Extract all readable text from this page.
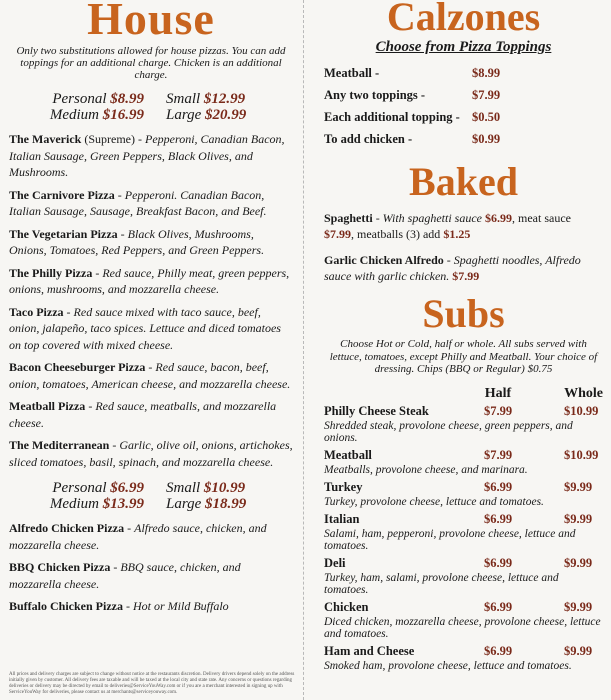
House
Only two substitutions allowed for house pizzas. You can add toppings for an additional charge. Chicken is an additional charge.
Personal $8.99 Small $12.99
Medium $16.99 Large $20.99
The Maverick (Supreme) - Pepperoni, Canadian Bacon, Italian Sausage, Green Peppers, Black Olives, and Mushrooms.
The Carnivore Pizza - Pepperoni. Canadian Bacon, Italian Sausage, Sausage, Breakfast Bacon, and Beef.
The Vegetarian Pizza - Black Olives, Mushrooms, Onions, Tomatoes, Red Peppers, and Green Peppers.
The Philly Pizza - Red sauce, Philly meat, green peppers, onions, mushrooms, and mozzarella cheese.
Taco Pizza - Red sauce mixed with taco sauce, beef, onion, jalapeño, taco spices. Lettuce and diced tomatoes on top covered with mixed cheese.
Bacon Cheeseburger Pizza - Red sauce, bacon, beef, onion, tomatoes, American cheese, and mozzarella cheese.
Meatball Pizza - Red sauce, meatballs, and mozzarella cheese.
The Mediterranean - Garlic, olive oil, onions, artichokes, sliced tomatoes, basil, spinach, and mozzarella cheese.
Personal $6.99 Small $10.99
Medium $13.99 Large $18.99
Alfredo Chicken Pizza - Alfredo sauce, chicken, and mozzarella cheese.
BBQ Chicken Pizza - BBQ sauce, chicken, and mozzarella cheese.
Buffalo Chicken Pizza - Hot or Mild Buffalo
All prices and delivery charges are subject to change without notice at the restaurants discretion. Delivery drivers depend solely on the address initially given by customer. All delivery fees are taxable and will be taxed at the local city and state rate. Any concerns or questions regarding deliveries or delivery may be directed by email to deliveries@ServiceYouWay.com or if you are a merchant interested in signing up with ServiceYouWay for deliveries, please contact us at merchants@serviceyouway.com.
Calzones
Choose from Pizza Toppings
Meatball -	$8.99
Any two toppings -	$7.99
Each additional topping - $0.50
To add chicken -	$0.99
Baked
Spaghetti - With spaghetti sauce $6.99, meat sauce $7.99, meatballs (3) add $1.25
Garlic Chicken Alfredo - Spaghetti noodles, Alfredo sauce with garlic chicken. $7.99
Subs
Choose Hot or Cold, half or whole. All subs served with lettuce, tomatoes, except Philly and Meatball. Your choice of dressing. Chips (BBQ or Regular) $0.75
Half	Whole
Philly Cheese Steak	$7.99	$10.99
Shredded steak, provolone cheese, green peppers, and onions.
Meatball	$7.99	$10.99
Meatballs, provolone cheese, and marinara.
Turkey	$6.99	$9.99
Turkey, provolone cheese, lettuce and tomatoes.
Italian	$6.99	$9.99
Salami, ham, pepperoni, provolone cheese, lettuce and tomatoes.
Deli	$6.99	$9.99
Turkey, ham, salami, provolone cheese, lettuce and tomatoes.
Chicken	$6.99	$9.99
Diced chicken, mozzarella cheese, provolone cheese, lettuce and tomatoes.
Ham and Cheese	$6.99	$9.99
Smoked ham, provolone cheese, lettuce and tomatoes.
